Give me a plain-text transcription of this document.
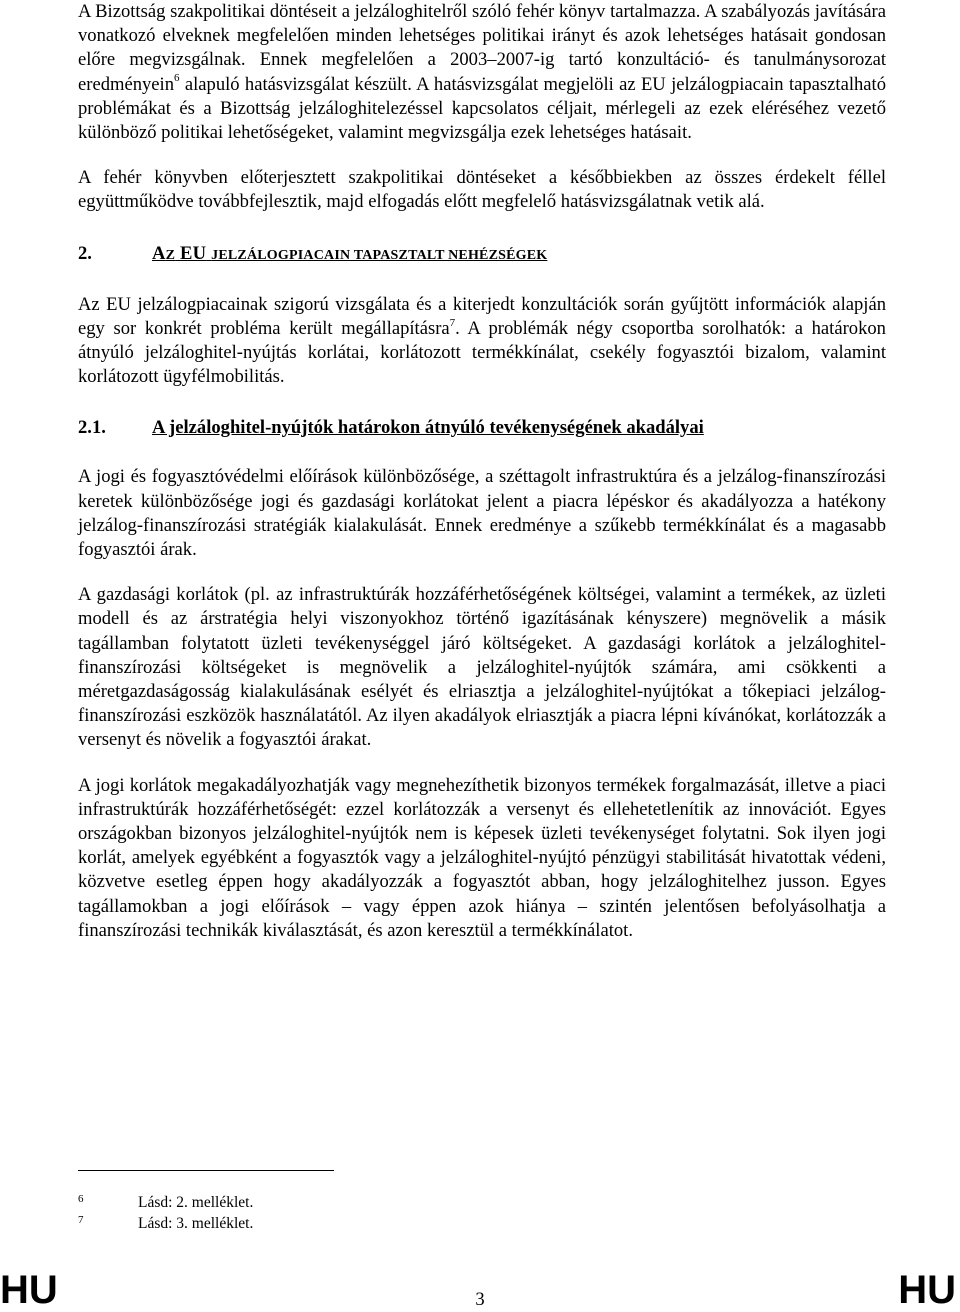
A Bizottság szakpolitikai döntéseit a jelzáloghitelről szóló fehér könyv tartalmazza. A szabályozás javítására vonatkozó elveknek megfelelően minden lehetséges politikai irányt és azok lehetséges hatásait gondosan előre megvizsgálnak. Ennek megfelelően a 2003–2007-ig tartó konzultáció- és tanulmánysorozat eredményein$^6$ alapuló hatásvizsgálat készült. A hatásvizsgálat megjelöli az EU jelzálogpiacain tapasztalható problémákat és a Bizottság jelzáloghitelezéssel kapcsolatos céljait, mérlegeli az ezek eléréséhez vezető különböző politikai lehetőségeket, valamint megvizsgálja ezek lehetséges hatásait.

A fehér könyvben előterjesztett szakpolitikai döntéseket a későbbiekben az összes érdekelt féllel együttműködve továbbfejlesztik, majd elfogadás előtt megfelelő hatásvizsgálatnak vetik alá.

2.	AZ EU JELZÁLOGPIACAIN TAPASZTALT NEHÉZSÉGEK

Az EU jelzálogpiacainak szigorú vizsgálata és a kiterjedt konzultációk során gyűjtött információk alapján egy sor konkrét probléma került megállapításra$^7$. A problémák négy csoportba sorolhatók: a határokon átnyúló jelzáloghitel-nyújtás korlátai, korlátozott termékkínálat, csekély fogyasztói bizalom, valamint korlátozott ügyfélmobilitás.

2.1.	A jelzáloghitel-nyújtók határokon átnyúló tevékenységének akadályai

A jogi és fogyasztóvédelmi előírások különbözősége, a széttagolt infrastruktúra és a jelzálog-finanszírozási keretek különbözősége jogi és gazdasági korlátokat jelent a piacra lépéskor és akadályozza a hatékony jelzálog-finanszírozási stratégiák kialakulását. Ennek eredménye a szűkebb termékkínálat és a magasabb fogyasztói árak.

A gazdasági korlátok (pl. az infrastruktúrák hozzáférhetőségének költségei, valamint a termékek, az üzleti modell és az árstratégia helyi viszonyokhoz történő igazításának kényszere) megnövelik a másik tagállamban folytatott üzleti tevékenységgel járó költségeket. A gazdasági korlátok a jelzáloghitel-finanszírozási költségeket is megnövelik a jelzáloghitel-nyújtók számára, ami csökkenti a méretgazdaságosság kialakulásának esélyét és elriasztja a jelzáloghitel-nyújtókat a tőkepiaci jelzálog-finanszírozási eszközök használatától. Az ilyen akadályok elriasztják a piacra lépni kívánókat, korlátozzák a versenyt és növelik a fogyasztói árakat.

A jogi korlátok megakadályozhatják vagy megnehezíthetik bizonyos termékek forgalmazását, illetve a piaci infrastruktúrák hozzáférhetőségét: ezzel korlátozzák a versenyt és ellehetetlenítik az innovációt. Egyes országokban bizonyos jelzáloghitel-nyújtók nem is képesek üzleti tevékenységet folytatni. Sok ilyen jogi korlát, amelyek egyébként a fogyasztók vagy a jelzáloghitel-nyújtó pénzügyi stabilitását hivatottak védeni, közvetve esetleg éppen hogy akadályozzák a fogyasztót abban, hogy jelzáloghitelhez jusson. Egyes tagállamokban a jogi előírások – vagy éppen azok hiánya – szintén jelentősen befolyásolhatja a finanszírozási technikák kiválasztását, és azon keresztül a termékkínálatot.

6	Lásd: 2. melléklet.
7	Lásd: 3. melléklet.
HU	3	HU
